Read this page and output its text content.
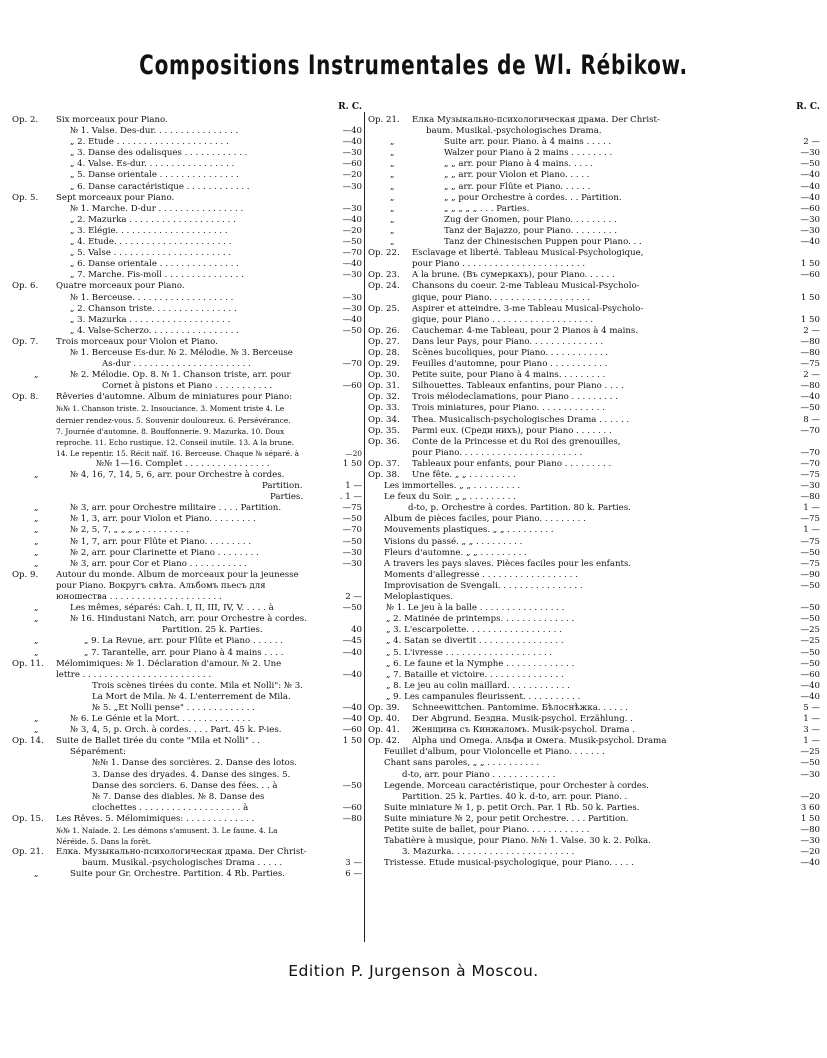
Compositions Instrumentales de Wl. Rébikow.
R. C.
Op. 2. Six morceaux pour Piano.
№ 1. Valse. Des-dur. . . . . . . . . . . . . . . .	—40
„ 2. Etude . . . . . . . . . . . . . . . . . . . . .	—40
„ 3. Danse des odalisques . . . . . . . . . . . .	—30
„ 4. Valse. Es-dur. . . . . . . . . . . . . . . . .	—60
„ 5. Danse orientale . . . . . . . . . . . . . . .	—20
„ 6. Danse caractéristique . . . . . . . . . . . .	—30
Op. 5. Sept morceaux pour Piano.
№ 1. Marche. D-dur . . . . . . . . . . . . . . . .	—30
„ 2. Mazurka . . . . . . . . . . . . . . . . . . . .	—40
„ 3. Elégie. . . . . . . . . . . . . . . . . . . . .	—20
„ 4. Etude. . . . . . . . . . . . . . . . . . . . . .	—50
„ 5. Valse . . . . . . . . . . . . . . . . . . . . . .	—70
„ 6. Danse orientale . . . . . . . . . . . . . . .	—40
„ 7. Marche. Fis-moll . . . . . . . . . . . . . . .	—30
Op. 6. Quatre morceaux pour Piano.
№ 1. Berceuse. . . . . . . . . . . . . . . . . . .	—30
„ 2. Chanson triste. . . . . . . . . . . . . . . .	—30
„ 3. Mazurka . . . . . . . . . . . . . . . . . . .	—40
„ 4. Valse-Scherzo. . . . . . . . . . . . . . . . .	—50
Op. 7. Trois morceaux pour Violon et Piano.
№ 1. Berceuse Es-dur. № 2. Mélodie. № 3. Berceuse
As-dur . . . . . . . . . . . . . . . . . . . . . .	—70
„	№ 2. Mélodie. Op. 8. № 1. Chanson triste, arr. pour
Cornet à pistons et Piano . . . . . . . . . . .	—60
Op. 8. Rêveries d'automne. Album de miniatures pour Piano:
№№ 1. Chanson triste. 2. Insouciance. 3. Moment triste 4. Le
dernier rendez-vous. 5. Souvenir douloureux. 6. Persévérance.
7. Journée d'automne. 8. Bouffonnerie. 9. Mazurka. 10. Doux
reproche. 11. Echo rustique. 12. Conseil inutile. 13. A la brune.
14. Le repentir. 15. Récit naïf. 16. Berceuse. Chaque № séparé. à	—20
№№ 1—16. Complet . . . . . . . . . . . . . . . .	1 50
„	№ 4, 16, 7, 14, 5, 6, arr. pour Orchestre à cordes.
Partition.	1 —
Parties.	. 1 —
„	№ 3, arr. pour Orchestre militaire . . . . Partition.	—75
„	№ 1, 3, arr. pour Violon et Piano. . . . . . . . .	—50
„	№ 2, 5, 7, „ „ „ „ . . . . . . . . .	—70
„	№ 1, 7, arr. pour Flûte et Piano. . . . . . . . .	—50
„	№ 2, arr. pour Clarinette et Piano . . . . . . . .	—30
„	№ 3, arr. pour Cor et Piano . . . . . . . . . . .	—30
Op. 9. Autour du monde. Album de morceaux pour la jeunesse
pour Piano. Вокругъ свѣта. Альбомъ пьесъ для
юношества . . . . . . . . . . . . . . . . . . . . .	2 —
„	Les mêmes, séparés: Cah. I, II, III, IV, V. . . . . à	—50
„	№ 16. Hindustani Natch, arr. pour Orchestre à cordes.
Partition. 25 k. Parties.	40
„	„ 9. La Revue, arr. pour Flûte et Piano . . . . . .	—45
„	„ 7. Tarantelle, arr. pour Piano à 4 mains . . . .	—40
Op. 11. Mélomimiques: № 1. Déclaration d'amour. № 2. Une
lettre . . . . . . . . . . . . . . . . . . . . . . . .	—40
Trois scènes tirées du conte. Mila et Nolli": № 3.
La Mort de Mila. № 4. L'enterrement de Mila.
№ 5. „Et Nolli pense" . . . . . . . . . . . . .	—40
„	№ 6. Le Génie et la Mort. . . . . . . . . . . . . .	—40
„	№ 3, 4, 5, p. Orch. à cordes. . . . Part. 45 k. P-ies.	—60
Op. 14. Suite de Ballet tirée du conte "Mila et Nolli" . .	1 50
Séparément:
№№ 1. Danse des sorcières. 2. Danse des lotos.
3. Danse des dryades. 4. Danse des singes. 5.
Danse des sorciers. 6. Danse des fées. . . à	—50
№ 7. Danse des diables. № 8. Danse des
clochettes . . . . . . . . . . . . . . . . . . . à	—60
Op. 15. Les Rêves. 5. Mélomimiques: . . . . . . . . . . . . .	—80
№№ 1. Naïade. 2. Les démons s'amusent. 3. Le faune. 4. La
Néréide. 5. Dans la forêt.
Op. 21. Ёлка. Музыкально-психологическая драма. Der Christ-
baum. Musikal.-psychologisches Drama . . . . .	3 —
„	Suite pour Gr. Orchestre. Partition. 4 Rb. Parties.	6 —
R. C.
Op. 21. Ёлка Музыкально-психологическая драма. Der Christ-
baum. Musikal.-psychologisches Drama.
„	Suite arr. pour. Piano. à 4 mains . . . . .	2 —
„	Walzer pour Piano à 2 mains . . . . . . . .	—30
„	„ „ arr. pour Piano à 4 mains. . . . .	—50
„	„ „ arr. pour Violon et Piano. . . . .	—40
„	„ „ arr. pour Flûte et Piano. . . . . .	—40
„	„ „ pour Orchestre à cordes. . . Partition.	—40
„	„ „ „ „ „ . . . Parties.	—60
„	Zug der Gnomen, pour Piano. . . . . . . . .	—30
„	Tanz der Bajazzo, pour Piano. . . . . . . . .	—30
„	Tanz der Chinesischen Puppen pour Piano. . .	—40
Op. 22. Esclavage et liberté. Tableau Musical-Psychologique,
pour Piano . . . . . . . . . . . . . . . . . . . . . . .	1 50
Op. 23. A la brune. (Въ сумеркахъ), pour Piano. . . . . .	—60
Op. 24. Chansons du coeur. 2-me Tableau Musical-Psycholo-
gique, pour Piano. . . . . . . . . . . . . . . . . . .	1 50
Op. 25. Aspirer et atteindre. 3-me Tableau Musical-Psycholo-
gique, pour Piano . . . . . . . . . . . . . . . . . . .	1 50
Op. 26. Cauchemar. 4-me Tableau, pour 2 Pianos à 4 mains.	2 —
Op. 27. Dans leur Pays, pour Piano. . . . . . . . . . . . . .	—80
Op. 28. Scènes bucoliques, pour Piano. . . . . . . . . . . .	—80
Op. 29. Feuilles d'automne, pour Piano . . . . . . . . . . .	—75
Op. 30. Petite suite, pour Piano à 4 mains. . . . . . . . .	2 —
Op. 31. Silhouettes. Tableaux enfantins, pour Piano . . . .	—80
Op. 32. Trois mélodeclamations, pour Piano . . . . . . . . .	—40
Op. 33. Trois miniatures, pour Piano. . . . . . . . . . . . .	—50
Op. 34. Thea. Musicalisch-psychologisches Drama . . . . . .	8 —
Op. 35. Parmi eux. (Среди нихъ), pour Piano . . . . . . .	—70
Op. 36. Conte de la Princesse et du Roi des grenouilles,
pour Piano. . . . . . . . . . . . . . . . . . . . . . .	—70
Op. 37. Tableaux pour enfants, pour Piano . . . . . . . . .	—70
Op. 38. Une fête. „ „ . . . . . . . . .	—75
Les immortelles. „ „ . . . . . . . . .	—30
Le feux du Soir. „ „ . . . . . . . . .	—80
d-to, p. Orchestre à cordes. Partition. 80 k. Parties.	1 —
Album de pièces faciles, pour Piano. . . . . . . . .	—75
Mouvements plastiques. „ „ . . . . . . . . .	1 —
Visions du passé. „ „ . . . . . . . . .	—75
Fleurs d'automne. „ „ . . . . . . . . .	—50
A travers les pays slaves. Pièces faciles pour les enfants.	—75
Moments d'allegresse . . . . . . . . . . . . . . . . . .	—90
Improvisation de Svengali. . . . . . . . . . . . . . . .	—50
Meloplastiques.
№ 1. Le jeu à la balle . . . . . . . . . . . . . . . .	—50
„ 2. Matinée de printemps. . . . . . . . . . . . . .	—50
„ 3. L'escarpolette. . . . . . . . . . . . . . . . . .	—25
„ 4. Satan se divertit . . . . . . . . . . . . . . . .	—25
„ 5. L'ivresse . . . . . . . . . . . . . . . . . . . .	—50
„ 6. Le faune et la Nymphe . . . . . . . . . . . . .	—50
„ 7. Bataille et victoire. . . . . . . . . . . . . . .	—60
„ 8. Le jeu au colin maillard. . . . . . . . . . . .	—40
„ 9. Les campanules fleurissent. . . . . . . . . . .	—40
Op. 39. Schneewittchen. Pantomime. Бѣлоснѣжка. . . . . .	5 —
Op. 40. Der Abgrund. Бездна. Musik-psychol. Erzählung. .	1 —
Op. 41. Женщина съ Кинжаломъ. Musik-psychol. Drama .	3 —
Op. 42. Alpha und Omega. Альфа и Омега. Musik-psychol. Drama	1 —
Feuillet d'album, pour Violoncelle et Piano. . . . . . .	—25
Chant sans paroles, „ „ . . . . . . . . . .	—50
d-to, arr. pour Piano . . . . . . . . . . . .	—30
Legende. Morceau caractéristique, pour Orchester à cordes.
Partition. 25 k. Parties. 40 k. d-to, arr. pour. Piano. .	—20
Suite miniature № 1, p. petit Orch. Par. 1 Rb. 50 k. Parties.	3 60
Suite miniature № 2, pour petit Orchestre. . . . Partition.	1 50
Petite suite de ballet, pour Piano. . . . . . . . . . . .	—80
Tabatière à musique, pour Piano. №№ 1. Valse. 30 k. 2. Polka.	—30
3. Mazurka. . . . . . . . . . . . . . . . . . . . . . .	—20
Tristesse. Etude musical-psychologique, pour Piano. . . . .	—40
Edition P. Jurgenson à Moscou.
